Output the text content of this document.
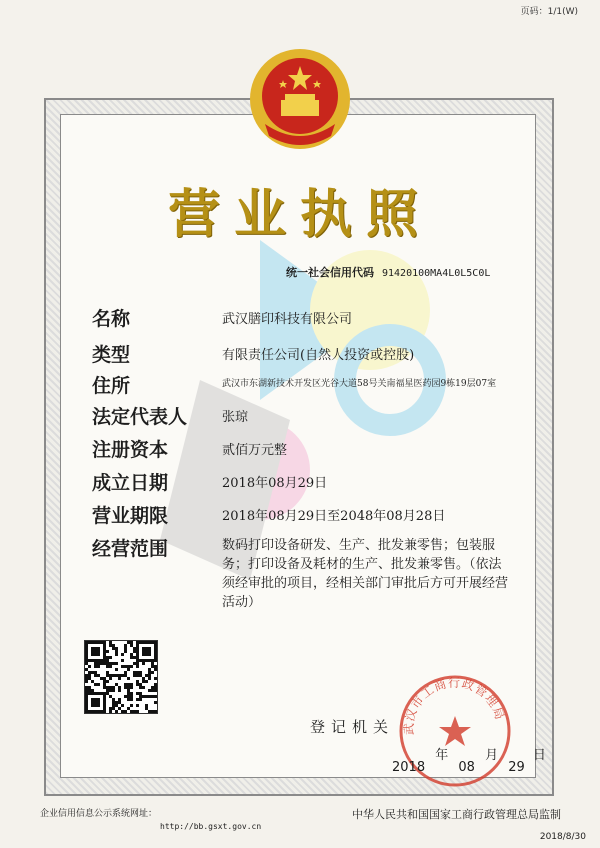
页码：1/1(W)
营业执照
统一社会信用代码 91420100MA4L0L5C0L
名称	武汉膳印科技有限公司
类型	有限责任公司(自然人投资或控股)
住所	武汉市东湖新技术开发区光谷大道58号关南福星医药园9栋19层07室
法定代表人	张琼
注册资本	贰佰万元整
成立日期	2018年08月29日
营业期限	2018年08月29日至2048年08月28日
经营范围	数码打印设备研发、生产、批发兼零售；包装服务；打印设备及耗材的生产、批发兼零售。（依法须经审批的项目，经相关部门审批后方可开展经营活动）
武汉市工商行政管理局
登记机关
2018 年 08 月 29 日
企业信用信息公示系统网址：
http://bb.gsxt.gov.cn
中华人民共和国国家工商行政管理总局监制
2018/8/30
